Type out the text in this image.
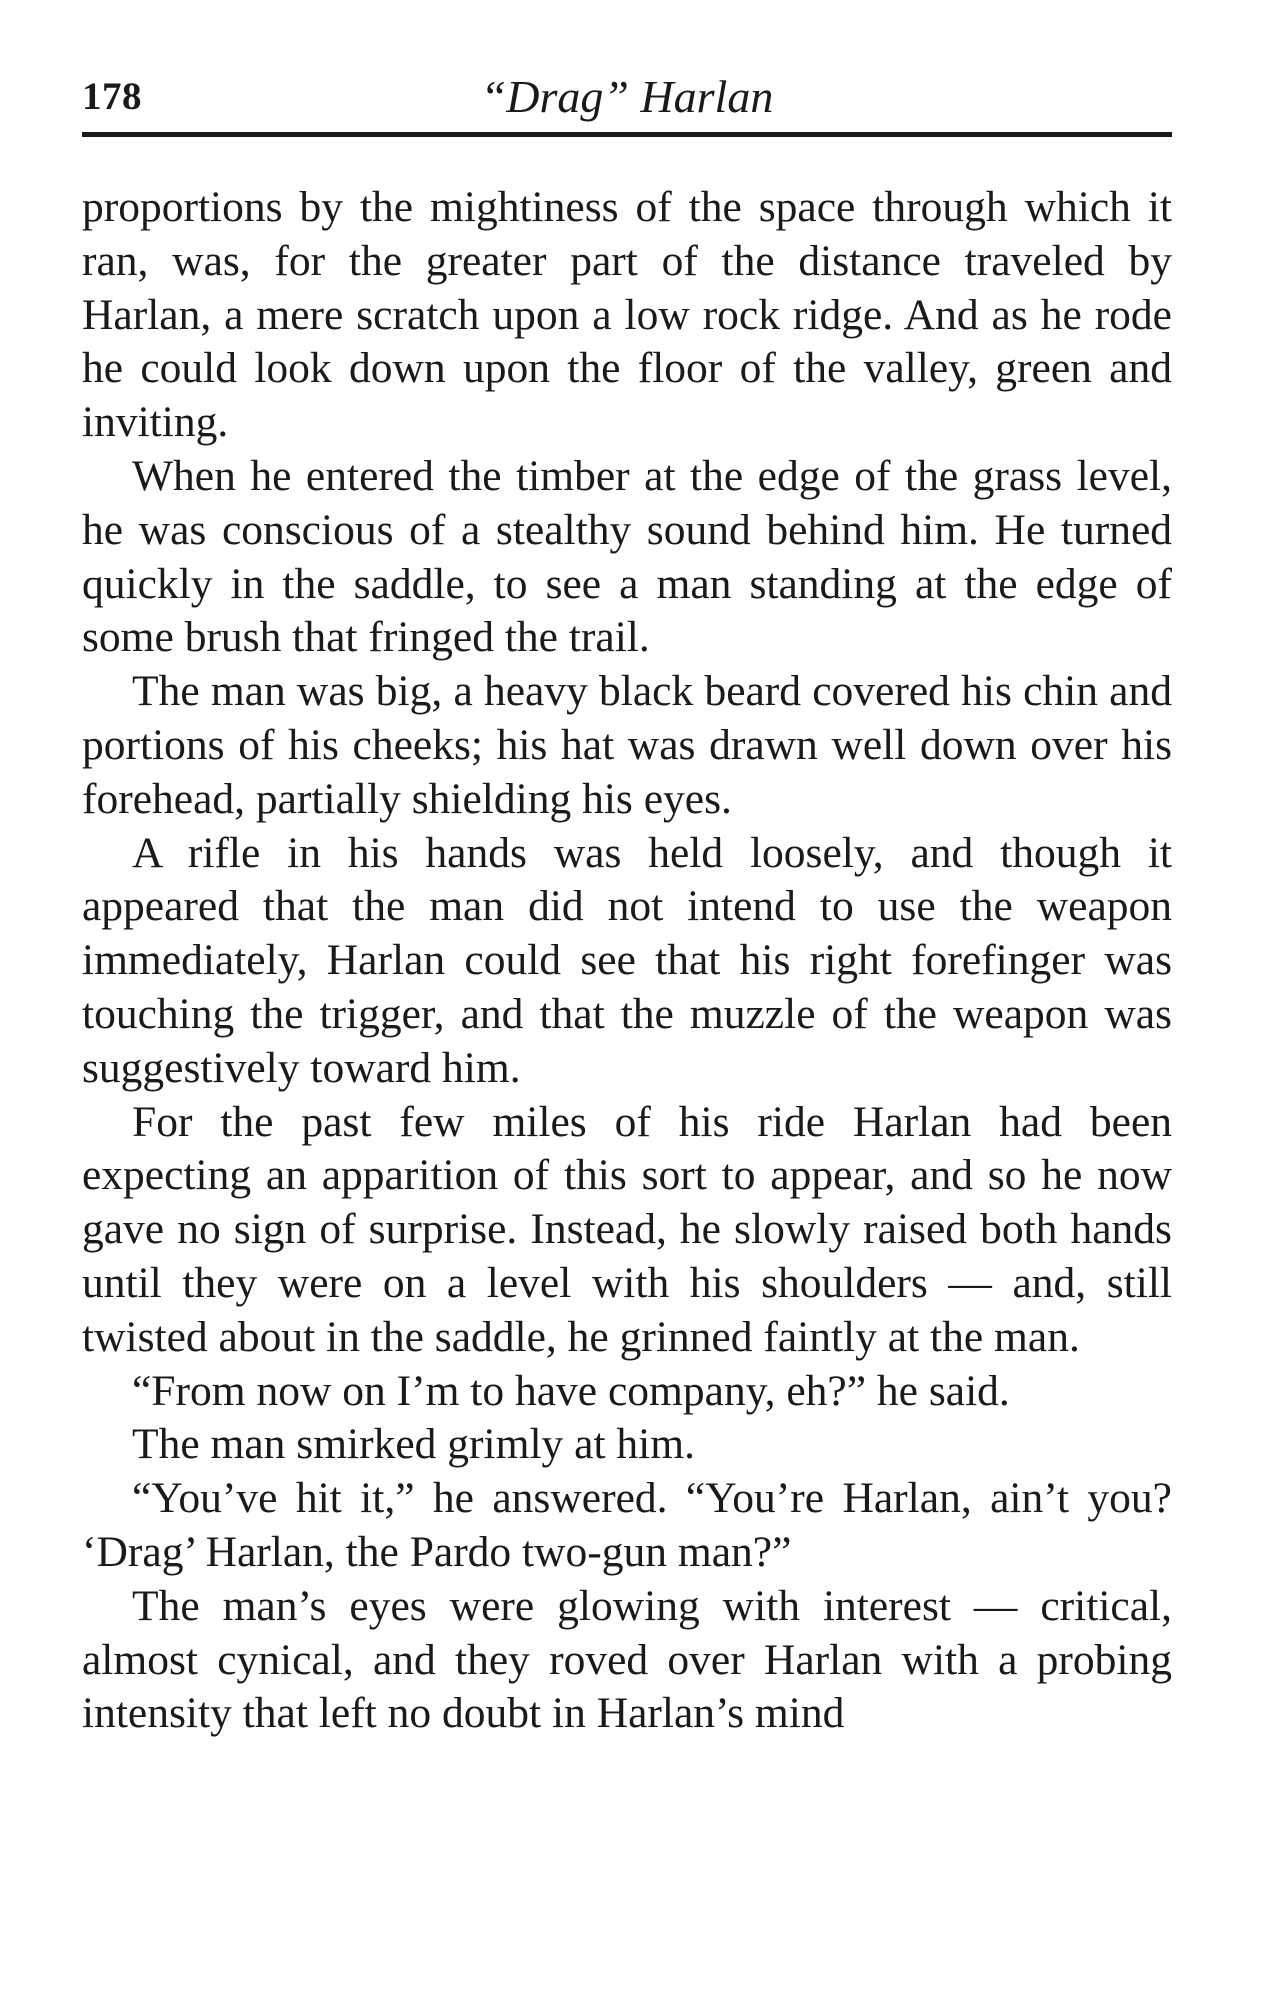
178	“Drag” Harlan

proportions by the mightiness of the space through which it ran, was, for the greater part of the distance traveled by Harlan, a mere scratch upon a low rock ridge. And as he rode he could look down upon the floor of the valley, green and inviting.

When he entered the timber at the edge of the grass level, he was conscious of a stealthy sound behind him. He turned quickly in the saddle, to see a man standing at the edge of some brush that fringed the trail.

The man was big, a heavy black beard covered his chin and portions of his cheeks; his hat was drawn well down over his forehead, partially shielding his eyes.

A rifle in his hands was held loosely, and though it appeared that the man did not intend to use the weapon immediately, Harlan could see that his right forefinger was touching the trigger, and that the muzzle of the weapon was suggestively toward him.

For the past few miles of his ride Harlan had been expecting an apparition of this sort to appear, and so he now gave no sign of surprise. Instead, he slowly raised both hands until they were on a level with his shoulders — and, still twisted about in the saddle, he grinned faintly at the man.

“From now on I’m to have company, eh?” he said.

The man smirked grimly at him.

“You’ve hit it,” he answered. “You’re Harlan, ain’t you? ‘Drag’ Harlan, the Pardo two-gun man?”

The man’s eyes were glowing with interest — critical, almost cynical, and they roved over Harlan with a probing intensity that left no doubt in Harlan’s mind
